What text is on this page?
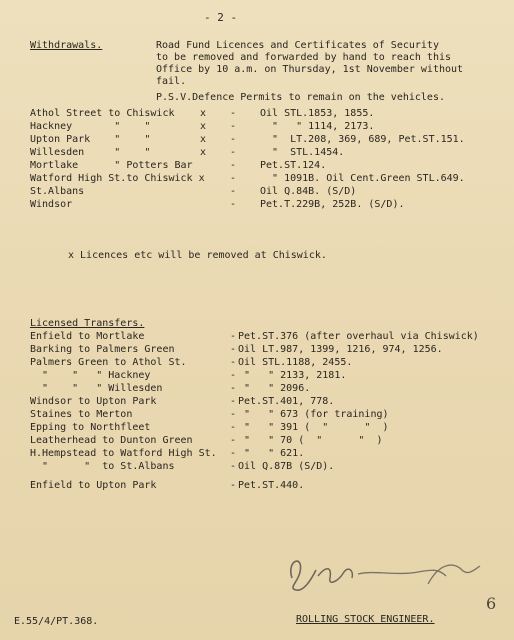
- 2 -
Withdrawals.	Road Fund Licences and Certificates of Security
to be removed and forwarded by hand to reach this
Office by 10 a.m. on Thursday, 1st November without
fail.
P.S.V.Defence Permits to remain on the vehicles.
Athol Street to Chiswick	x - Oil STL.1853, 1855.
Hackney       "    "	x - "   " 1114, 2173.
Upton Park    "    "	x - "  LT.208, 369, 689, Pet.ST.151.
Willesden     "    "	x - "  STL.1454.
Mortlake      " Potters Bar	- Pet.ST.124.
Watford High St.to Chiswick x	- " 1091B. Oil Cent.Green STL.649.
St.Albans	- Oil Q.84B. (S/D)
Windsor	- Pet.T.229B, 252B. (S/D).
x Licences etc will be removed at Chiswick.
Licensed Transfers.
Enfield to Mortlake	- Pet.ST.376 (after overhaul via Chiswick)
Barking to Palmers Green	- Oil LT.987, 1399, 1216, 974, 1256.
Palmers Green to Athol St.	- Oil STL.1188, 2455.
"    "   " Hackney	- "   " 2133, 2181.
"    "   " Willesden	- "   " 2096.
Windsor to Upton Park	- Pet.ST.401, 778.
Staines to Merton	- "   " 673 (for training)
Epping to Northfleet	- "   " 391 (  "      "  )
Leatherhead to Dunton Green	- "   " 70 (  "      "  )
H.Hempstead to Watford High St. - "   " 621.
"      "  to St.Albans	- Oil Q.87B (S/D).
Enfield to Upton Park	- Pet.ST.440.
E.55/4/PT.368.	ROLLING STOCK ENGINEER.
6
